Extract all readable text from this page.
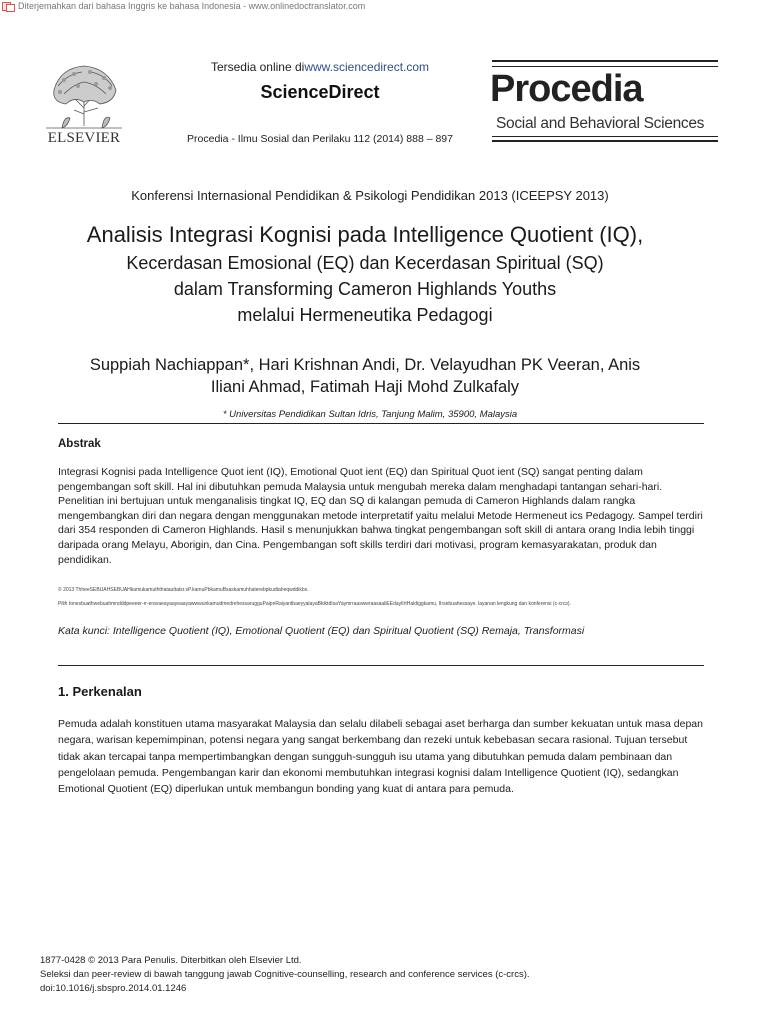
Diterjemahkan dari bahasa Inggris ke bahasa Indonesia - www.onlinedoctranslator.com
ELSEVIER
Tersedia online diwww.sciencedirect.com
ScienceDirect
Procedia - Ilmu Sosial dan Perilaku 112 (2014) 888 – 897
Procedia
Social and Behavioral Sciences
Konferensi Internasional Pendidikan & Psikologi Pendidikan 2013 (ICEEPSY 2013)
Analisis Integrasi Kognisi pada Intelligence Quotient (IQ),
Kecerdasan Emosional (EQ) dan Kecerdasan Spiritual (SQ)
dalam Transforming Cameron Highlands Youths
melalui Hermeneutika Pedagogi
Suppiah Nachiappan*, Hari Krishnan Andi, Dr. Velayudhan PK Veeran, Anis
Iliani Ahmad, Fatimah Haji Mohd Zulkafaly
* Universitas Pendidikan Sultan Idris, Tanjung Malim, 35900, Malaysia
Abstrak
Integrasi Kognisi pada Intelligence Quot ient (IQ), Emotional Quot ient (EQ) dan Spiritual Quot ient (SQ) sangat penting dalam pengembangan soft skill. Hal ini dibutuhkan pemuda Malaysia untuk mengubah mereka dalam menghadapi tantangan sehari-hari. Penelitian ini bertujuan untuk menganalisis tingkat IQ, EQ dan SQ di kalangan pemuda di Cameron Highlands dalam rangka mengembangkan diri dan negara dengan menggunakan metode interpretatif yaitu melalui Metode Hermeneut ics Pedagogy. Sampel terdiri dari 354 responden di Cameron Highlands. Hasil s menunjukkan bahwa tingkat pengembangan soft skill di antara orang India lebih tinggi daripada orang Melayu, Aborigin, dan Cina. Pengembangan soft skills terdiri dari motivasi, program kemasyarakatan, produk dan pendidikan.
© 2013 ThheeSEBUAHSEBUAHkamukamuththatauttatsr.sP.kamuPbkamuBsaskamuhhaterebpkudtaheqwddikbs.
Pilih tonesbuathwebuahmndddpeeeer-rr-eravaeayaayeaayawwwunkamudmedrehessarugguPaipnRaiyantbaeyyalayaBkiktdIsaYaymrraaswwraasaaliEEdaylIrtHaldiggkamu, IIrsebuahessaye. layanan lengkung dan konferensi (c-crcs).
Kata kunci: Intelligence Quotient (IQ), Emotional Quotient (EQ) dan Spiritual Quotient (SQ) Remaja, Transformasi
1. Perkenalan
Pemuda adalah konstituen utama masyarakat Malaysia dan selalu dilabeli sebagai aset berharga dan sumber kekuatan untuk masa depan negara, warisan kepemimpinan, potensi negara yang sangat berkembang dan rezeki untuk kebebasan secara rasional. Tujuan tersebut tidak akan tercapai tanpa mempertimbangkan dengan sungguh-sungguh isu utama yang dibutuhkan pemuda dalam pembinaan dan pengelolaan pemuda. Pengembangan karir dan ekonomi membutuhkan integrasi kognisi dalam Intelligence Quotient (IQ), sedangkan Emotional Quotient (EQ) diperlukan untuk membangun bonding yang kuat di antara para pemuda.
1877-0428 © 2013 Para Penulis. Diterbitkan oleh Elsevier Ltd.
Seleksi dan peer-review di bawah tanggung jawab Cognitive-counselling, research and conference services (c-crcs).
doi:10.1016/j.sbspro.2014.01.1246
